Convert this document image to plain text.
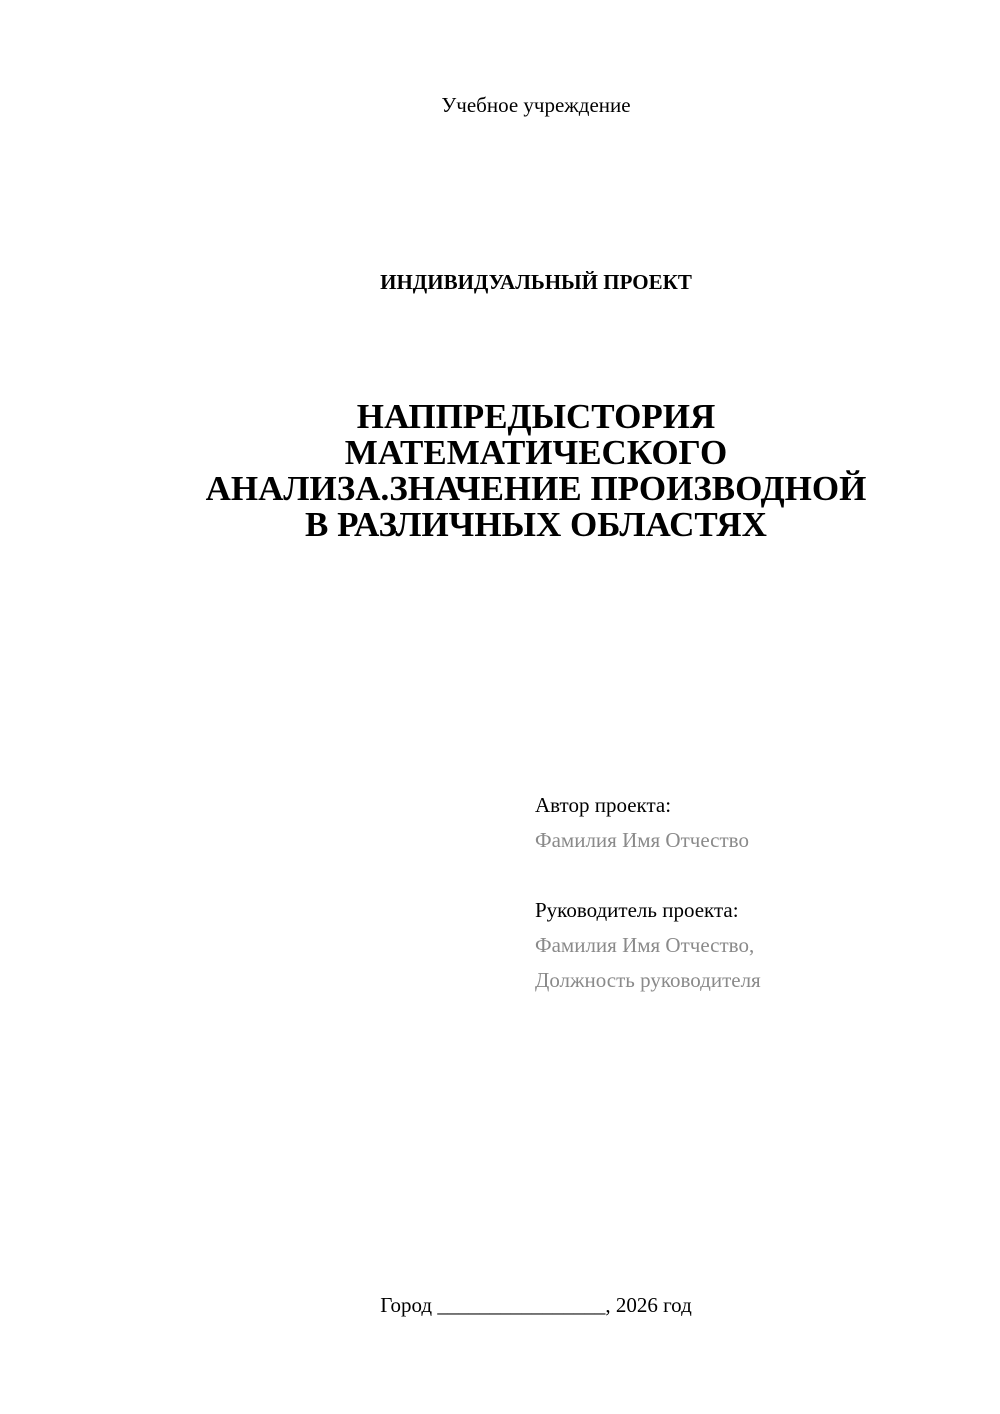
Учебное учреждение
ИНДИВИДУАЛЬНЫЙ ПРОЕКТ
НАППРЕДЫСТОРИЯ
МАТЕМАТИЧЕСКОГО
АНАЛИЗА.ЗНАЧЕНИЕ ПРОИЗВОДНОЙ
В РАЗЛИЧНЫХ ОБЛАСТЯХ
Автор проекта:
Фамилия Имя Отчество
Руководитель проекта:
Фамилия Имя Отчество,
Должность руководителя
Город ________________, 2026 год
